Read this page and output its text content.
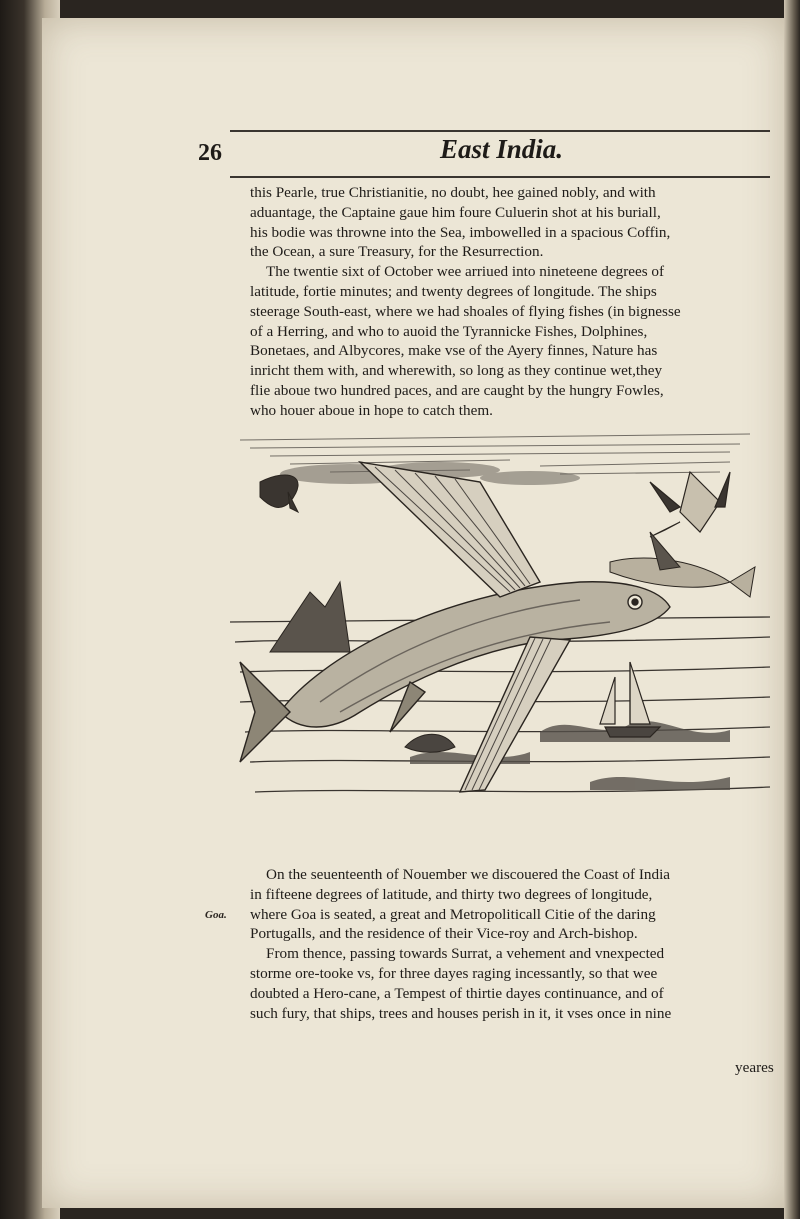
26	East India.
this Pearle, true Christianitie, no doubt, hee gained nobly, and with
aduantage, the Captaine gaue him foure Culuerin shot at his buriall,
his bodie was throwne into the Sea, imbowelled in a spacious Coffin,
the Ocean, a sure Treasury, for the Resurrection.
The twentie sixt of October wee arriued into nineteene degrees of
latitude, fortie minutes; and twenty degrees of longitude. The ships
steerage South-east, where we had shoales of flying fishes (in bignesse
of a Herring, and who to auoid the Tyrannicke Fishes, Dolphines,
Bonetaes, and Albycores, make vse of the Ayery finnes, Nature has
inricht them with, and wherewith, so long as they continue wet,they
flie aboue two hundred paces, and are caught by the hungry Fowles,
who houer aboue in hope to catch them.
Goa.
On the seuenteenth of Nouember we discouered the Coast of India
in fifteene degrees of latitude, and thirty two degrees of longitude,
where Goa is seated, a great and Metropoliticall Citie of the daring
Portugalls, and the residence of their Vice-roy and Arch-bishop.
From thence, passing towards Surrat, a vehement and vnexpected
storme ore-tooke vs, for three dayes raging incessantly, so that wee
doubted a Hero-cane, a Tempest of thirtie dayes continuance, and of
such fury, that ships, trees and houses perish in it, it vses once in nine
yeares
